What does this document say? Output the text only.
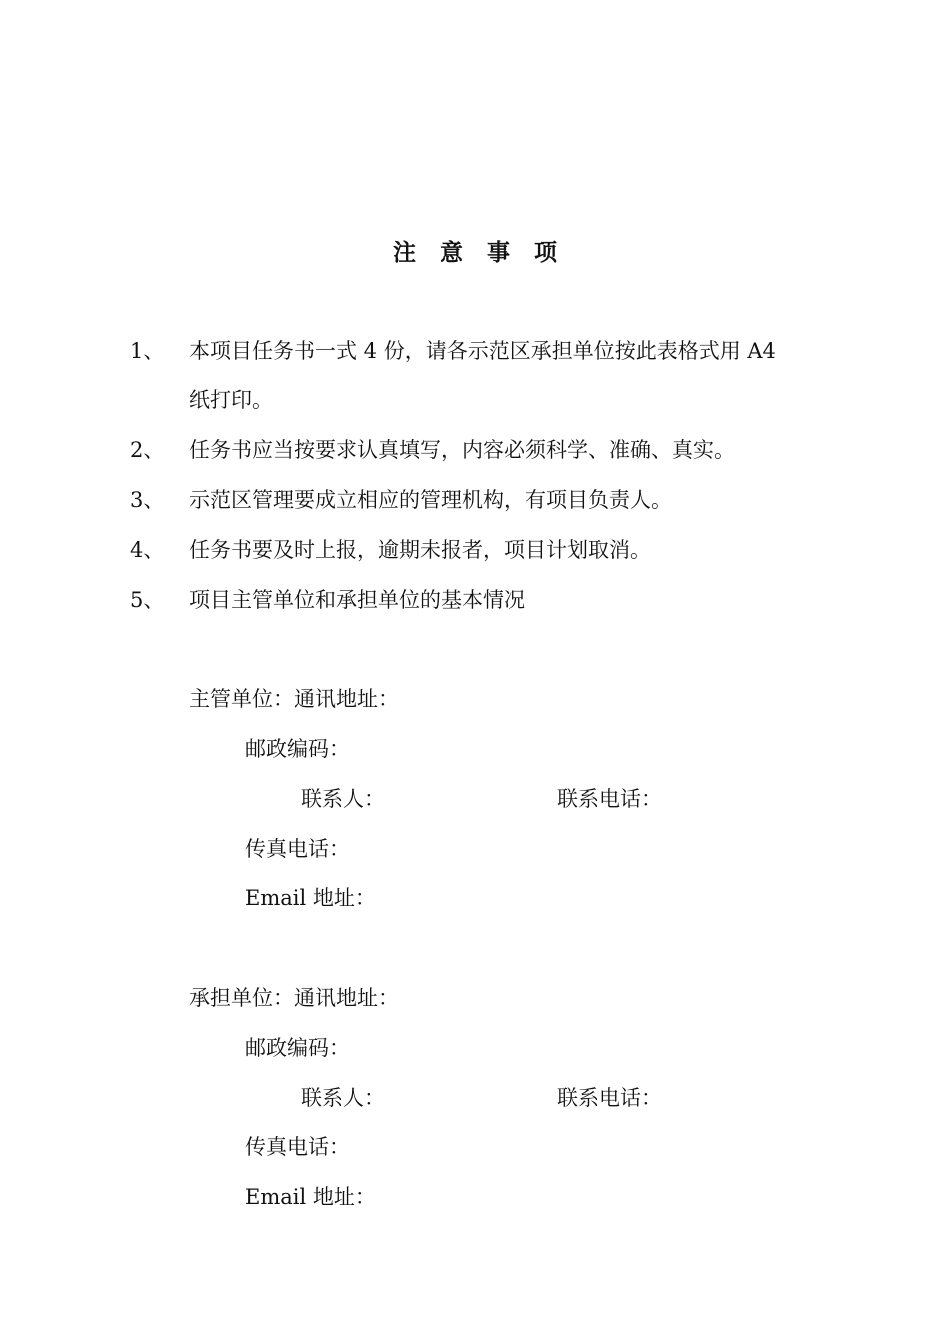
注 意 事 项
1、 本项目任务书一式 4 份，请各示范区承担单位按此表格式用 A4
纸打印。
2、 任务书应当按要求认真填写，内容必须科学、准确、真实。
3、 示范区管理要成立相应的管理机构，有项目负责人。
4、 任务书要及时上报，逾期未报者，项目计划取消。
5、 项目主管单位和承担单位的基本情况
主管单位：通讯地址：
邮政编码：
联系人：	联系电话：
传真电话：
Email 地址：
承担单位：通讯地址：
邮政编码：
联系人：	联系电话：
传真电话：
Email 地址：
